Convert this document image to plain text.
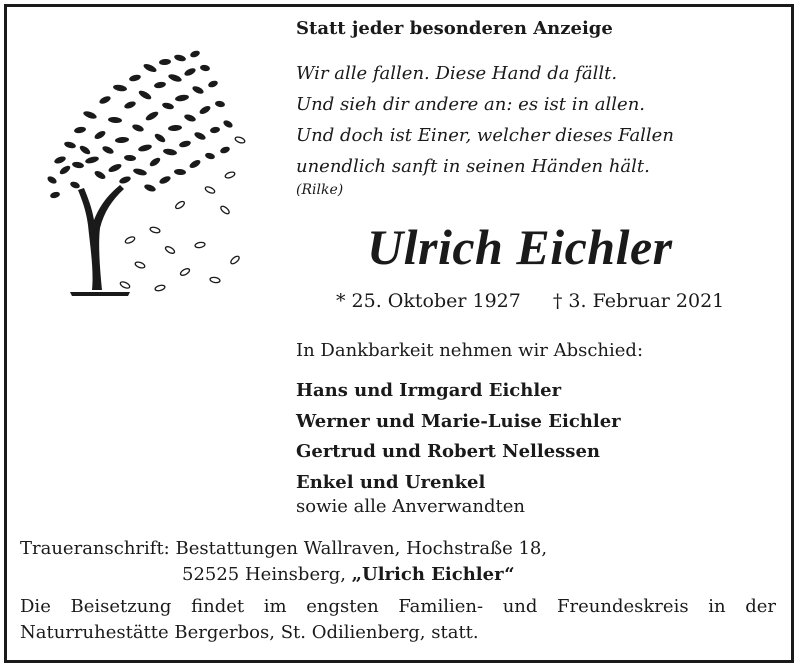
Statt jeder besonderen Anzeige
Wir alle fallen. Diese Hand da fällt.
Und sieh dir andere an: es ist in allen.
Und doch ist Einer, welcher dieses Fallen
unendlich sanft in seinen Händen hält.
(Rilke)
Ulrich Eichler
* 25. Oktober 1927 † 3. Februar 2021
In Dankbarkeit nehmen wir Abschied:
Hans und Irmgard Eichler
Werner und Marie-Luise Eichler
Gertrud und Robert Nellessen
Enkel und Urenkel
sowie alle Anverwandten
Traueranschrift: Bestattungen Wallraven, Hochstraße 18,
52525 Heinsberg, „Ulrich Eichler“
Die Beisetzung findet im engsten Familien- und Freundeskreis in der Naturruhestätte Bergerbos, St. Odilienberg, statt.
